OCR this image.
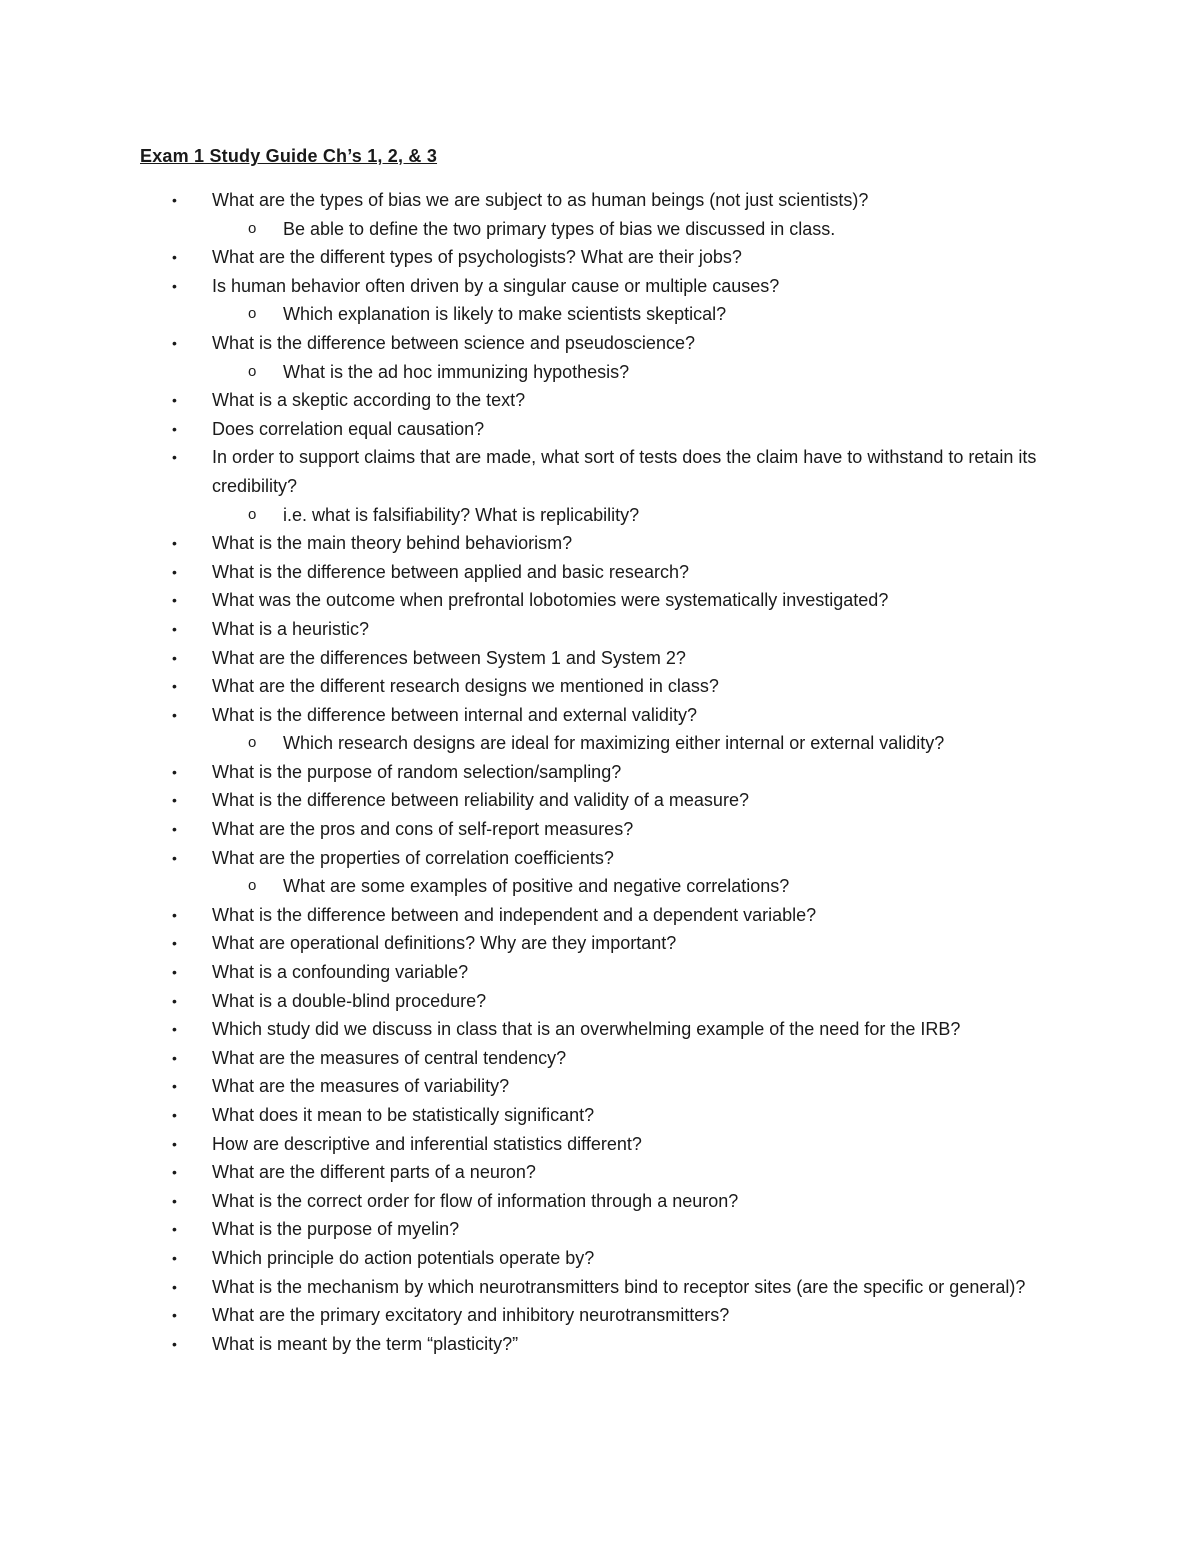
Exam 1 Study Guide Ch’s 1, 2, & 3
• What are the types of bias we are subject to as human beings (not just scientists)?
o Be able to define the two primary types of bias we discussed in class.
• What are the different types of psychologists? What are their jobs?
• Is human behavior often driven by a singular cause or multiple causes?
o Which explanation is likely to make scientists skeptical?
• What is the difference between science and pseudoscience?
o What is the ad hoc immunizing hypothesis?
• What is a skeptic according to the text?
• Does correlation equal causation?
• In order to support claims that are made, what sort of tests does the claim have to withstand to retain its credibility?
o i.e. what is falsifiability? What is replicability?
• What is the main theory behind behaviorism?
• What is the difference between applied and basic research?
• What was the outcome when prefrontal lobotomies were systematically investigated?
• What is a heuristic?
• What are the differences between System 1 and System 2?
• What are the different research designs we mentioned in class?
• What is the difference between internal and external validity?
o Which research designs are ideal for maximizing either internal or external validity?
• What is the purpose of random selection/sampling?
• What is the difference between reliability and validity of a measure?
• What are the pros and cons of self-report measures?
• What are the properties of correlation coefficients?
o What are some examples of positive and negative correlations?
• What is the difference between and independent and a dependent variable?
• What are operational definitions? Why are they important?
• What is a confounding variable?
• What is a double-blind procedure?
• Which study did we discuss in class that is an overwhelming example of the need for the IRB?
• What are the measures of central tendency?
• What are the measures of variability?
• What does it mean to be statistically significant?
• How are descriptive and inferential statistics different?
• What are the different parts of a neuron?
• What is the correct order for flow of information through a neuron?
• What is the purpose of myelin?
• Which principle do action potentials operate by?
• What is the mechanism by which neurotransmitters bind to receptor sites (are the specific or general)?
• What are the primary excitatory and inhibitory neurotransmitters?
• What is meant by the term “plasticity?”
